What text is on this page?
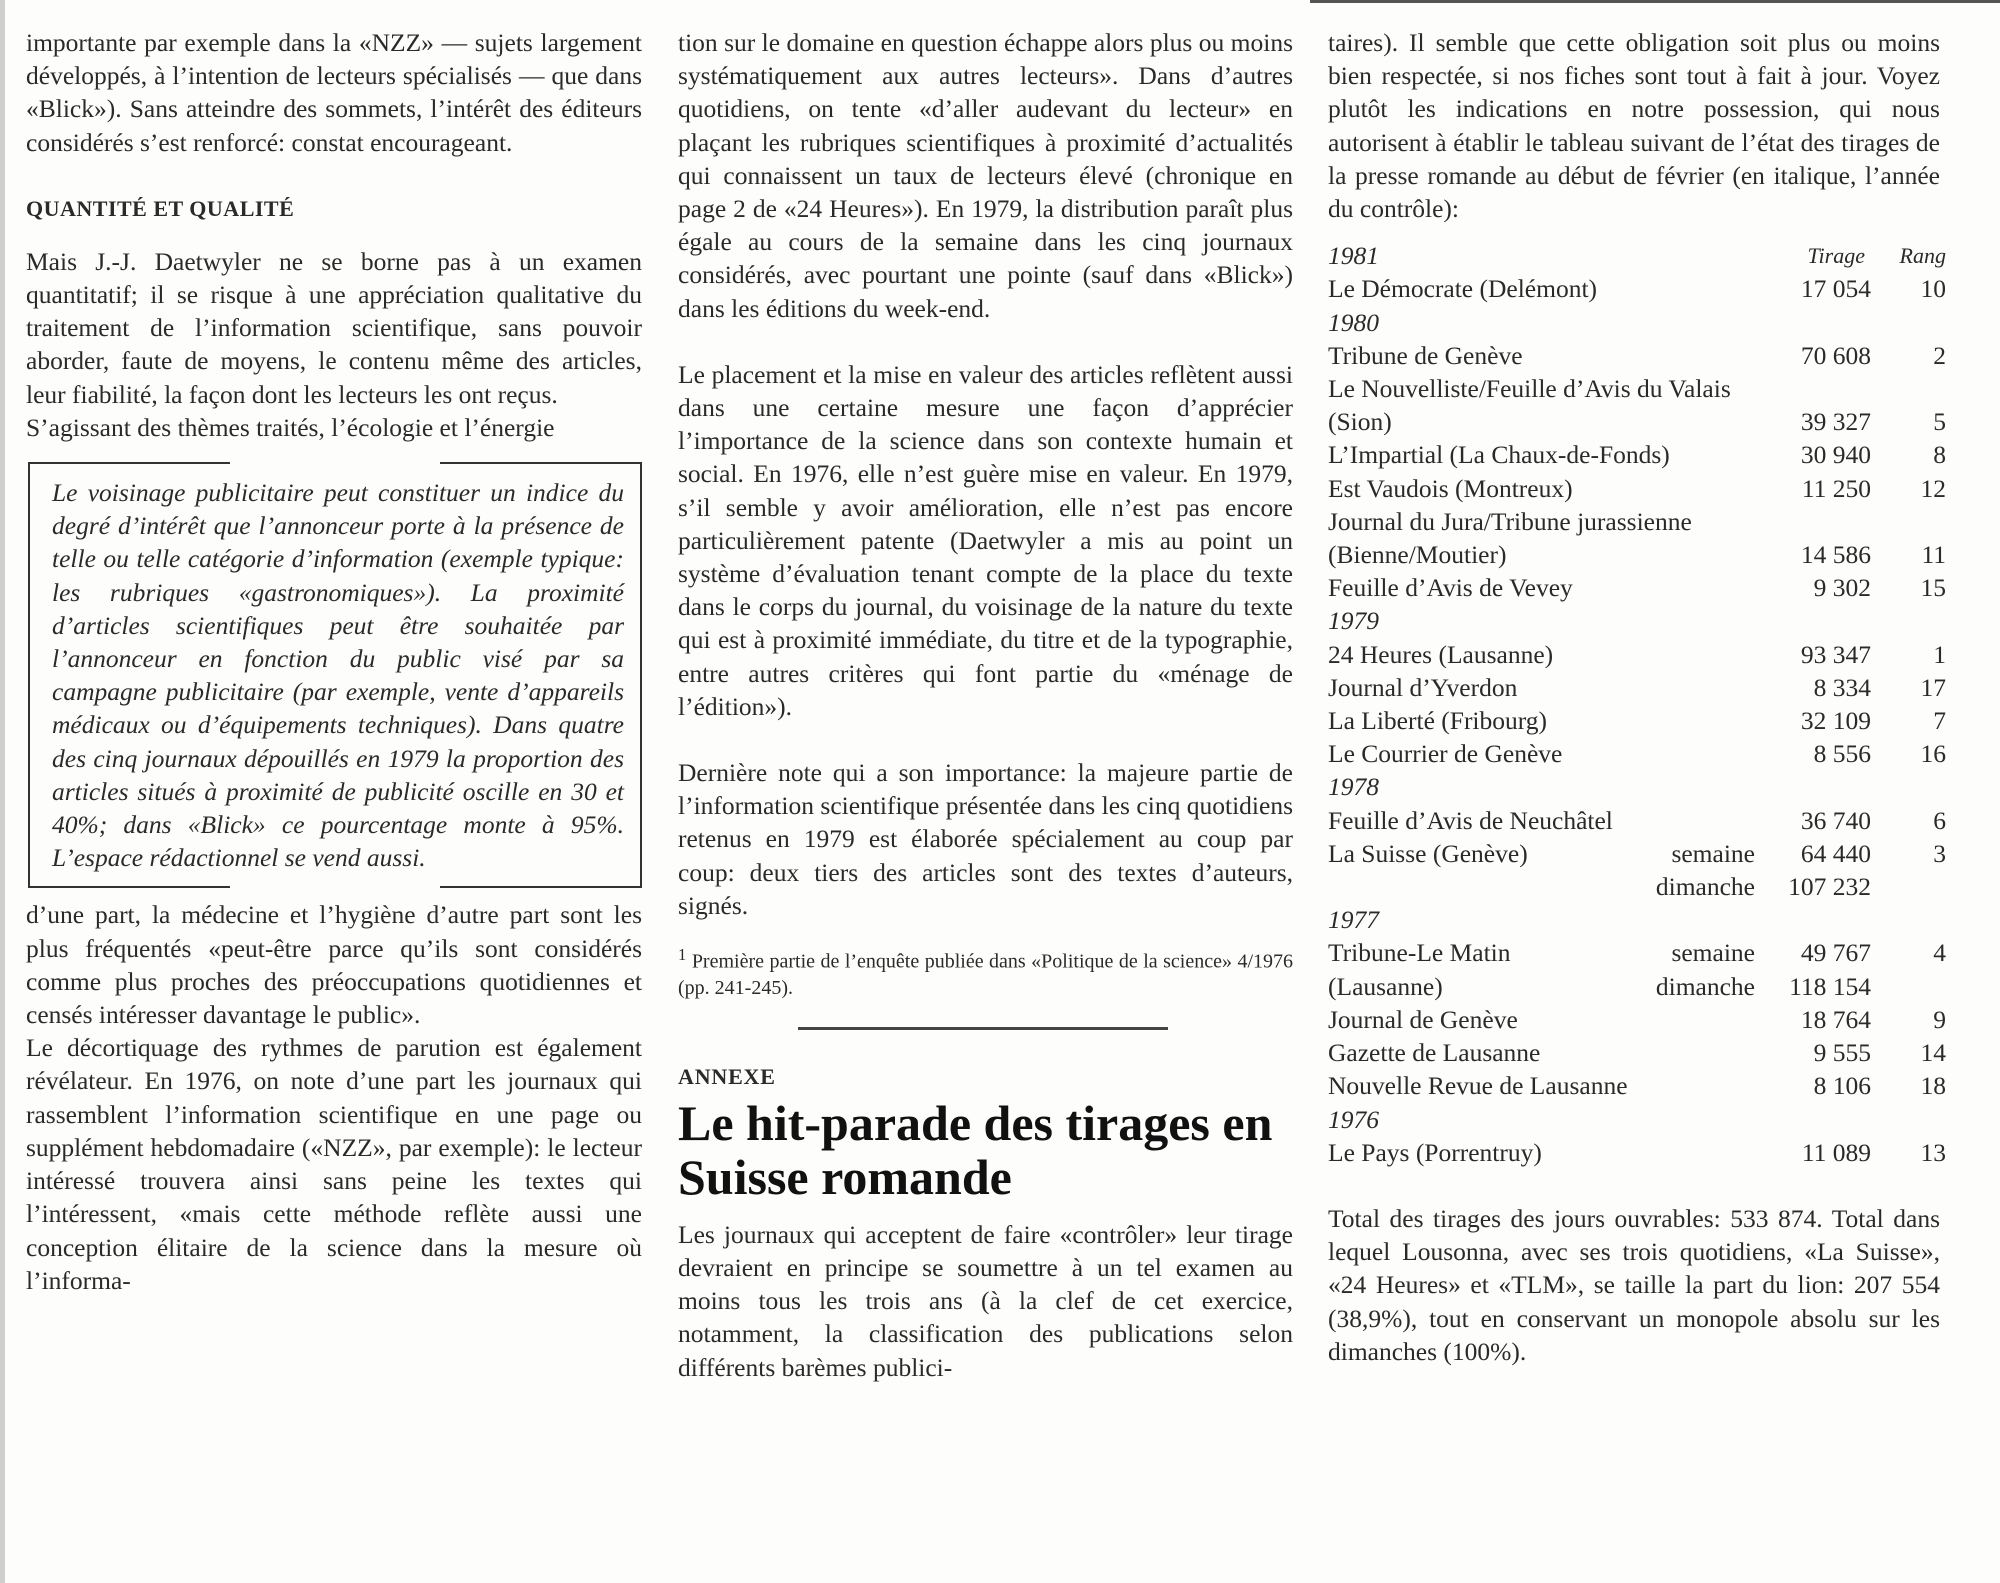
importante par exemple dans la «NZZ» — sujets largement développés, à l’intention de lecteurs spécialisés — que dans «Blick»). Sans atteindre des sommets, l’intérêt des éditeurs considérés s’est renforcé: constat encourageant.

QUANTITÉ ET QUALITÉ

Mais J.-J. Daetwyler ne se borne pas à un examen quantitatif; il se risque à une appréciation qualitative du traitement de l’information scientifique, sans pouvoir aborder, faute de moyens, le contenu même des articles, leur fiabilité, la façon dont les lecteurs les ont reçus.

S’agissant des thèmes traités, l’écologie et l’énergie

Le voisinage publicitaire peut constituer un indice du degré d’intérêt que l’annonceur porte à la présence de telle ou telle catégorie d’information (exemple typique: les rubriques «gastronomiques»). La proximité d’articles scientifiques peut être souhaitée par l’annonceur en fonction du public visé par sa campagne publicitaire (par exemple, vente d’appareils médicaux ou d’équipements techniques). Dans quatre des cinq journaux dépouillés en 1979 la proportion des articles situés à proximité de publicité oscille en 30 et 40%; dans «Blick» ce pourcentage monte à 95%. L’espace rédactionnel se vend aussi.

d’une part, la médecine et l’hygiène d’autre part sont les plus fréquentés «peut-être parce qu’ils sont considérés comme plus proches des préoccupations quotidiennes et censés intéresser davantage le public».

Le décortiquage des rythmes de parution est également révélateur. En 1976, on note d’une part les journaux qui rassemblent l’information scientifique en une page ou supplément hebdomadaire («NZZ», par exemple): le lecteur intéressé trouvera ainsi sans peine les textes qui l’intéressent, «mais cette méthode reflète aussi une conception élitaire de la science dans la mesure où l’informa-

tion sur le domaine en question échappe alors plus ou moins systématiquement aux autres lecteurs». Dans d’autres quotidiens, on tente «d’aller audevant du lecteur» en plaçant les rubriques scientifiques à proximité d’actualités qui connaissent un taux de lecteurs élevé (chronique en page 2 de «24 Heures»). En 1979, la distribution paraît plus égale au cours de la semaine dans les cinq journaux considérés, avec pourtant une pointe (sauf dans «Blick») dans les éditions du week-end.

Le placement et la mise en valeur des articles reflètent aussi dans une certaine mesure une façon d’apprécier l’importance de la science dans son contexte humain et social. En 1976, elle n’est guère mise en valeur. En 1979, s’il semble y avoir amélioration, elle n’est pas encore particulièrement patente (Daetwyler a mis au point un système d’évaluation tenant compte de la place du texte dans le corps du journal, du voisinage de la nature du texte qui est à proximité immédiate, du titre et de la typographie, entre autres critères qui font partie du «ménage de l’édition»).

Dernière note qui a son importance: la majeure partie de l’information scientifique présentée dans les cinq quotidiens retenus en 1979 est élaborée spécialement au coup par coup: deux tiers des articles sont des textes d’auteurs, signés.

$^1$ Première partie de l’enquête publiée dans «Politique de la science» 4/1976 (pp. 241-245).

ANNEXE
Le hit-parade des tirages en Suisse romande

Les journaux qui acceptent de faire «contrôler» leur tirage devraient en principe se soumettre à un tel examen au moins tous les trois ans (à la clef de cet exercice, notamment, la classification des publications selon différents barèmes publici-

taires). Il semble que cette obligation soit plus ou moins bien respectée, si nos fiches sont tout à fait à jour. Voyez plutôt les indications en notre possession, qui nous autorisent à établir le tableau suivant de l’état des tirages de la presse romande au début de février (en italique, l’année du contrôle):

1981		Tirage	Rang
Le Démocrate (Delémont)		17 054	10
1980			
Tribune de Genève		70 608	2
Le Nouvelliste/Feuille d’Avis du Valais (Sion)		39 327	5
L’Impartial (La Chaux-de-Fonds)		30 940	8
Est Vaudois (Montreux)		11 250	12
Journal du Jura/Tribune jurassienne (Bienne/Moutier)		14 586	11
Feuille d’Avis de Vevey		9 302	15
1979			
24 Heures (Lausanne)		93 347	1
Journal d’Yverdon		8 334	17
La Liberté (Fribourg)		32 109	7
Le Courrier de Genève		8 556	16
1978			
Feuille d’Avis de Neuchâtel		36 740	6
La Suisse (Genève)	semaine	64 440	3
	dimanche	107 232	
1977			
Tribune-Le Matin	semaine	49 767	4
(Lausanne)	dimanche	118 154	
Journal de Genève		18 764	9
Gazette de Lausanne		9 555	14
Nouvelle Revue de Lausanne		8 106	18
1976			
Le Pays (Porrentruy)		11 089	13

Total des tirages des jours ouvrables: 533 874. Total dans lequel Lousonna, avec ses trois quotidiens, «La Suisse», «24 Heures» et «TLM», se taille la part du lion: 207 554 (38,9%), tout en conservant un monopole absolu sur les dimanches (100%).
